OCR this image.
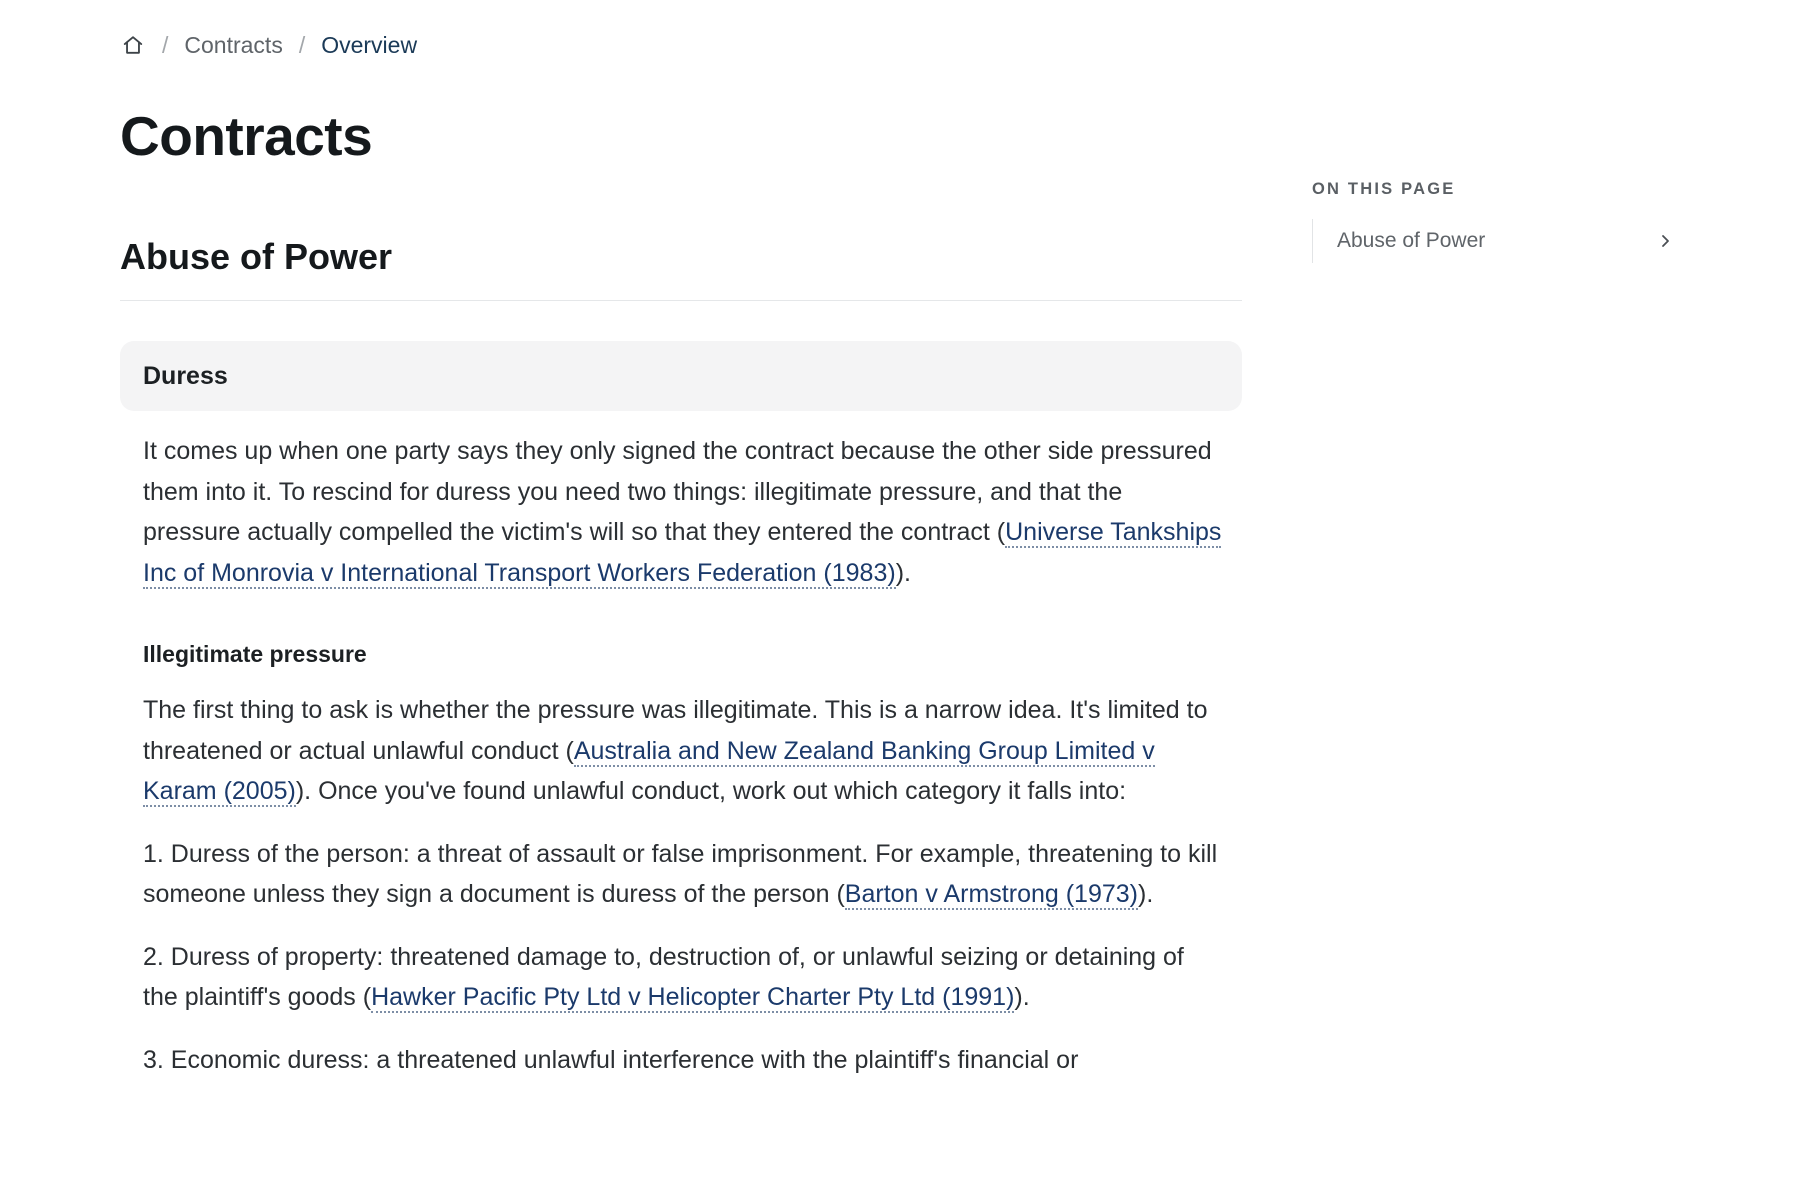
/ Contracts / Overview
Contracts
Abuse of Power
Duress

It comes up when one party says they only signed the contract because the other side pressured them into it. To rescind for duress you need two things: illegitimate pressure, and that the pressure actually compelled the victim's will so that they entered the contract (Universe Tankships Inc of Monrovia v International Transport Workers Federation (1983)).

Illegitimate pressure

The first thing to ask is whether the pressure was illegitimate. This is a narrow idea. It's limited to threatened or actual unlawful conduct (Australia and New Zealand Banking Group Limited v Karam (2005)). Once you've found unlawful conduct, work out which category it falls into:

1. Duress of the person: a threat of assault or false imprisonment. For example, threatening to kill someone unless they sign a document is duress of the person (Barton v Armstrong (1973)).

2. Duress of property: threatened damage to, destruction of, or unlawful seizing or detaining of the plaintiff's goods (Hawker Pacific Pty Ltd v Helicopter Charter Pty Ltd (1991)).

3. Economic duress: a threatened unlawful interference with the plaintiff's financial or

ON THIS PAGE
Abuse of Power
